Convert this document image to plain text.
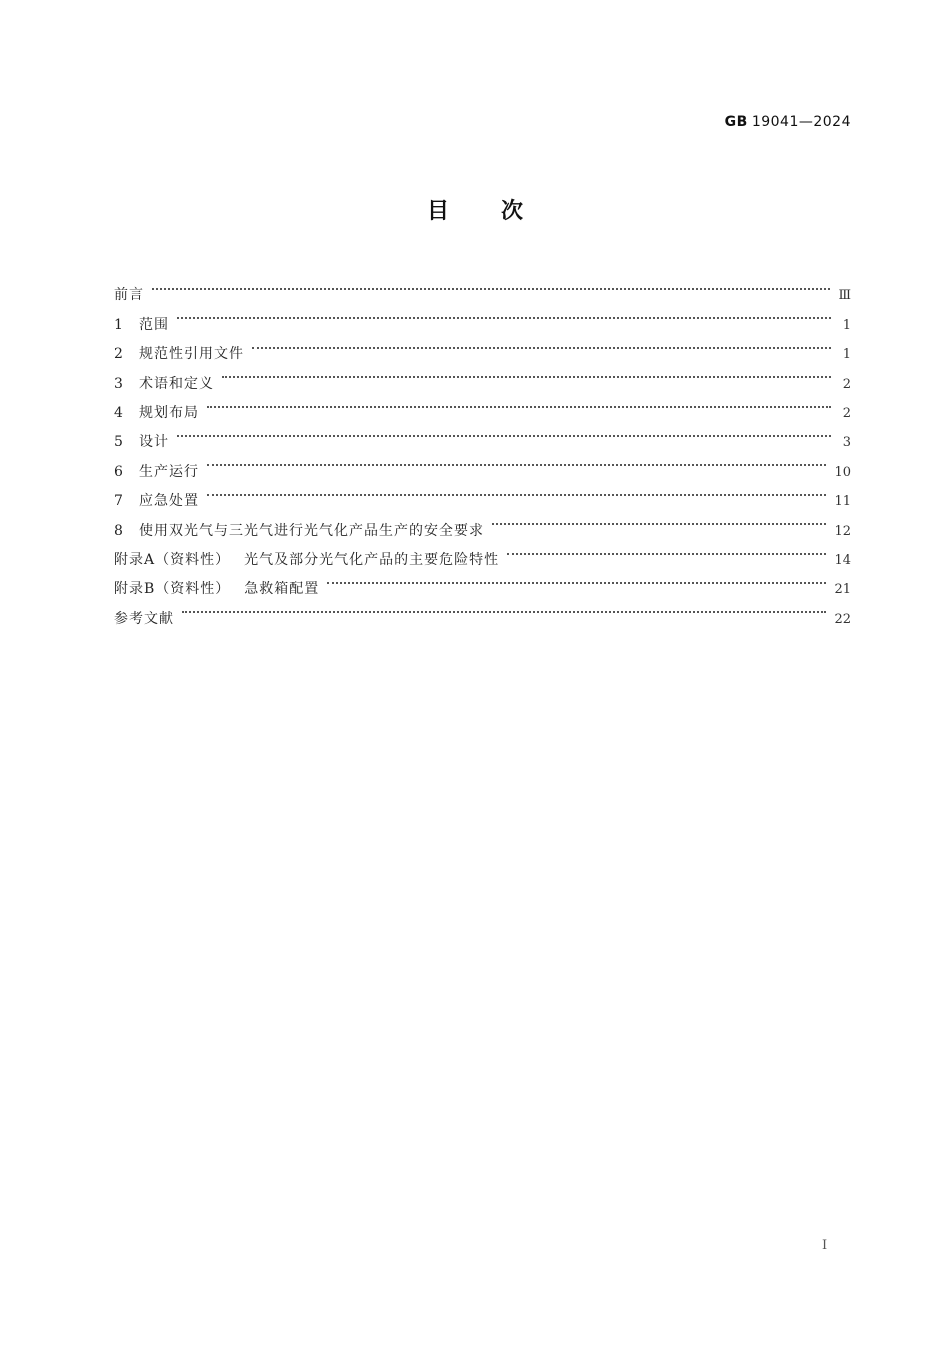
GB 19041—2024
目 次
前言	Ⅲ
1	范围	1
2	规范性引用文件	1
3	术语和定义	2
4	规划布局	2
5	设计	3
6	生产运行	10
7	应急处置	11
8	使用双光气与三光气进行光气化产品生产的安全要求	12
附录A（资料性） 光气及部分光气化产品的主要危险特性	14
附录B（资料性） 急救箱配置	21
参考文献	22
I
